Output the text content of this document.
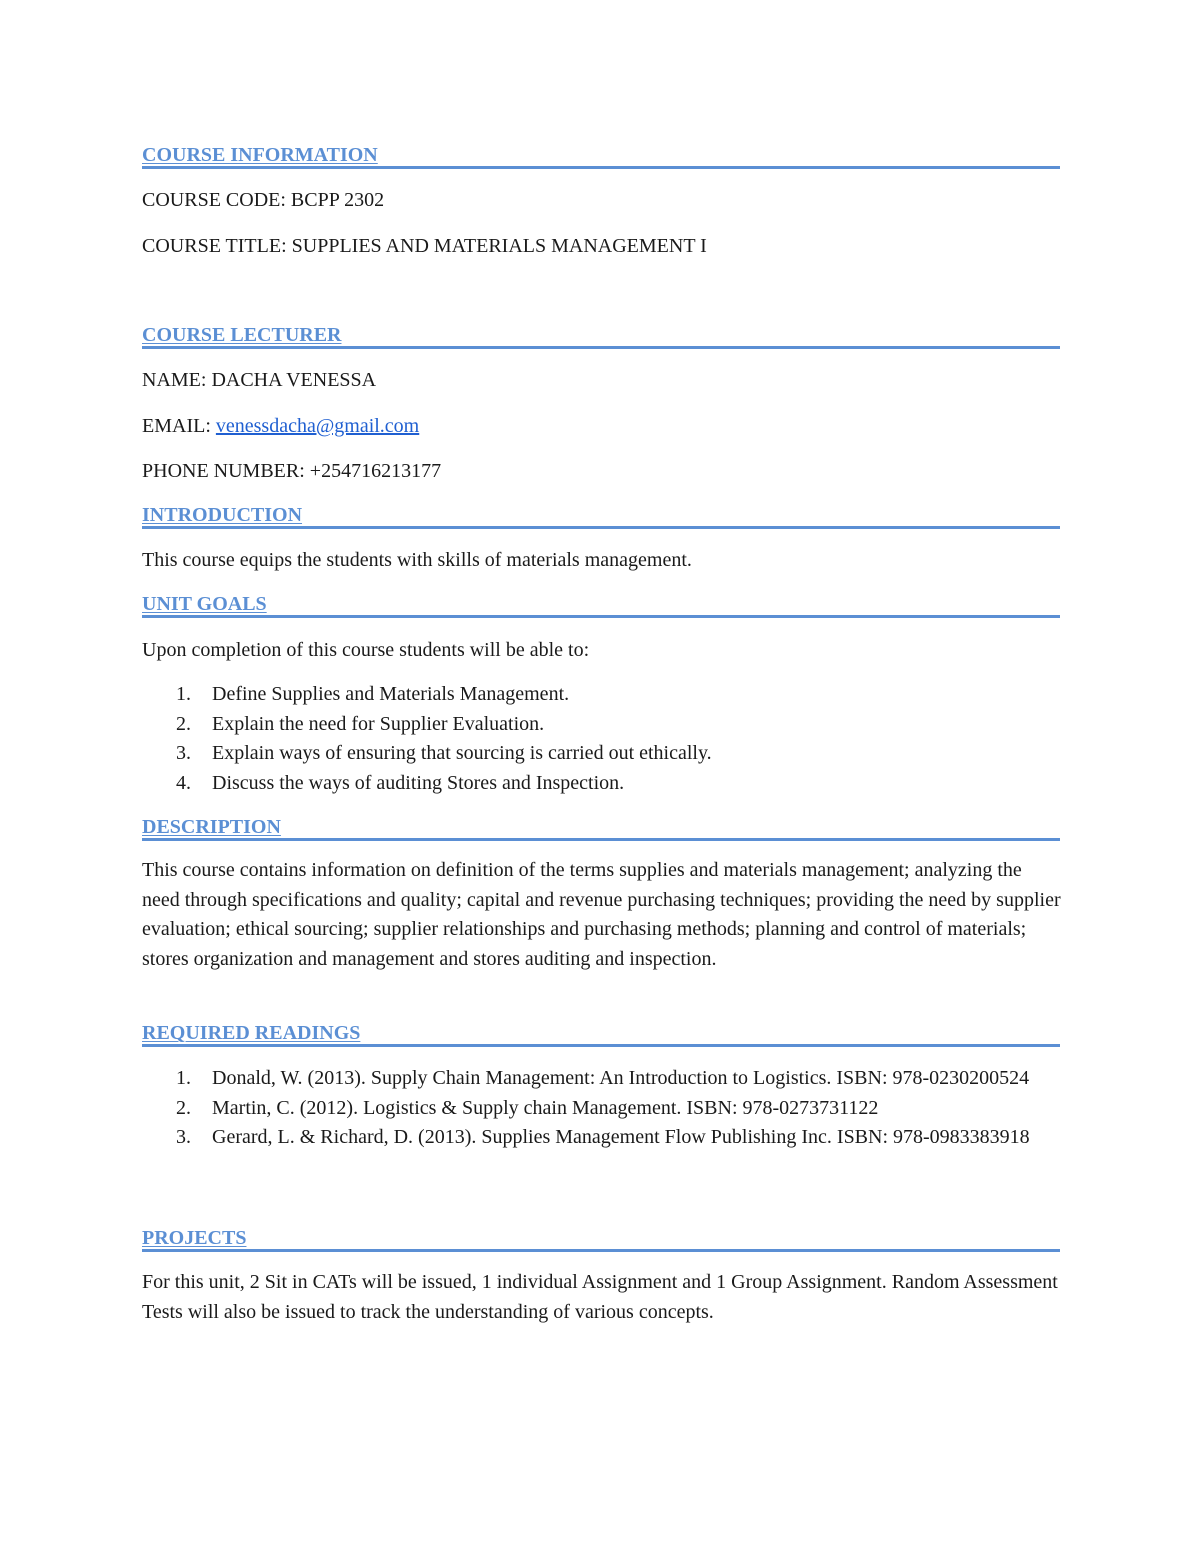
COURSE INFORMATION
COURSE CODE: BCPP 2302
COURSE TITLE: SUPPLIES AND MATERIALS MANAGEMENT I
COURSE LECTURER
NAME: DACHA VENESSA
EMAIL: venessdacha@gmail.com
PHONE NUMBER: +254716213177
INTRODUCTION
This course equips the students with skills of materials management.
UNIT GOALS
Upon completion of this course students will be able to:
1. Define Supplies and Materials Management.
2. Explain the need for Supplier Evaluation.
3. Explain ways of ensuring that sourcing is carried out ethically.
4. Discuss the ways of auditing Stores and Inspection.
DESCRIPTION
This course contains information on definition of the terms supplies and materials management; analyzing the need through specifications and quality; capital and revenue purchasing techniques; providing the need by supplier evaluation; ethical sourcing; supplier relationships and purchasing methods; planning and control of materials; stores organization and management and stores auditing and inspection.
REQUIRED READINGS
1. Donald, W. (2013). Supply Chain Management: An Introduction to Logistics. ISBN: 978-0230200524
2. Martin, C. (2012). Logistics & Supply chain Management. ISBN: 978-0273731122
3. Gerard, L. & Richard, D. (2013). Supplies Management Flow Publishing Inc. ISBN: 978-0983383918
PROJECTS
For this unit, 2 Sit in CATs will be issued, 1 individual Assignment and 1 Group Assignment. Random Assessment Tests will also be issued to track the understanding of various concepts.
